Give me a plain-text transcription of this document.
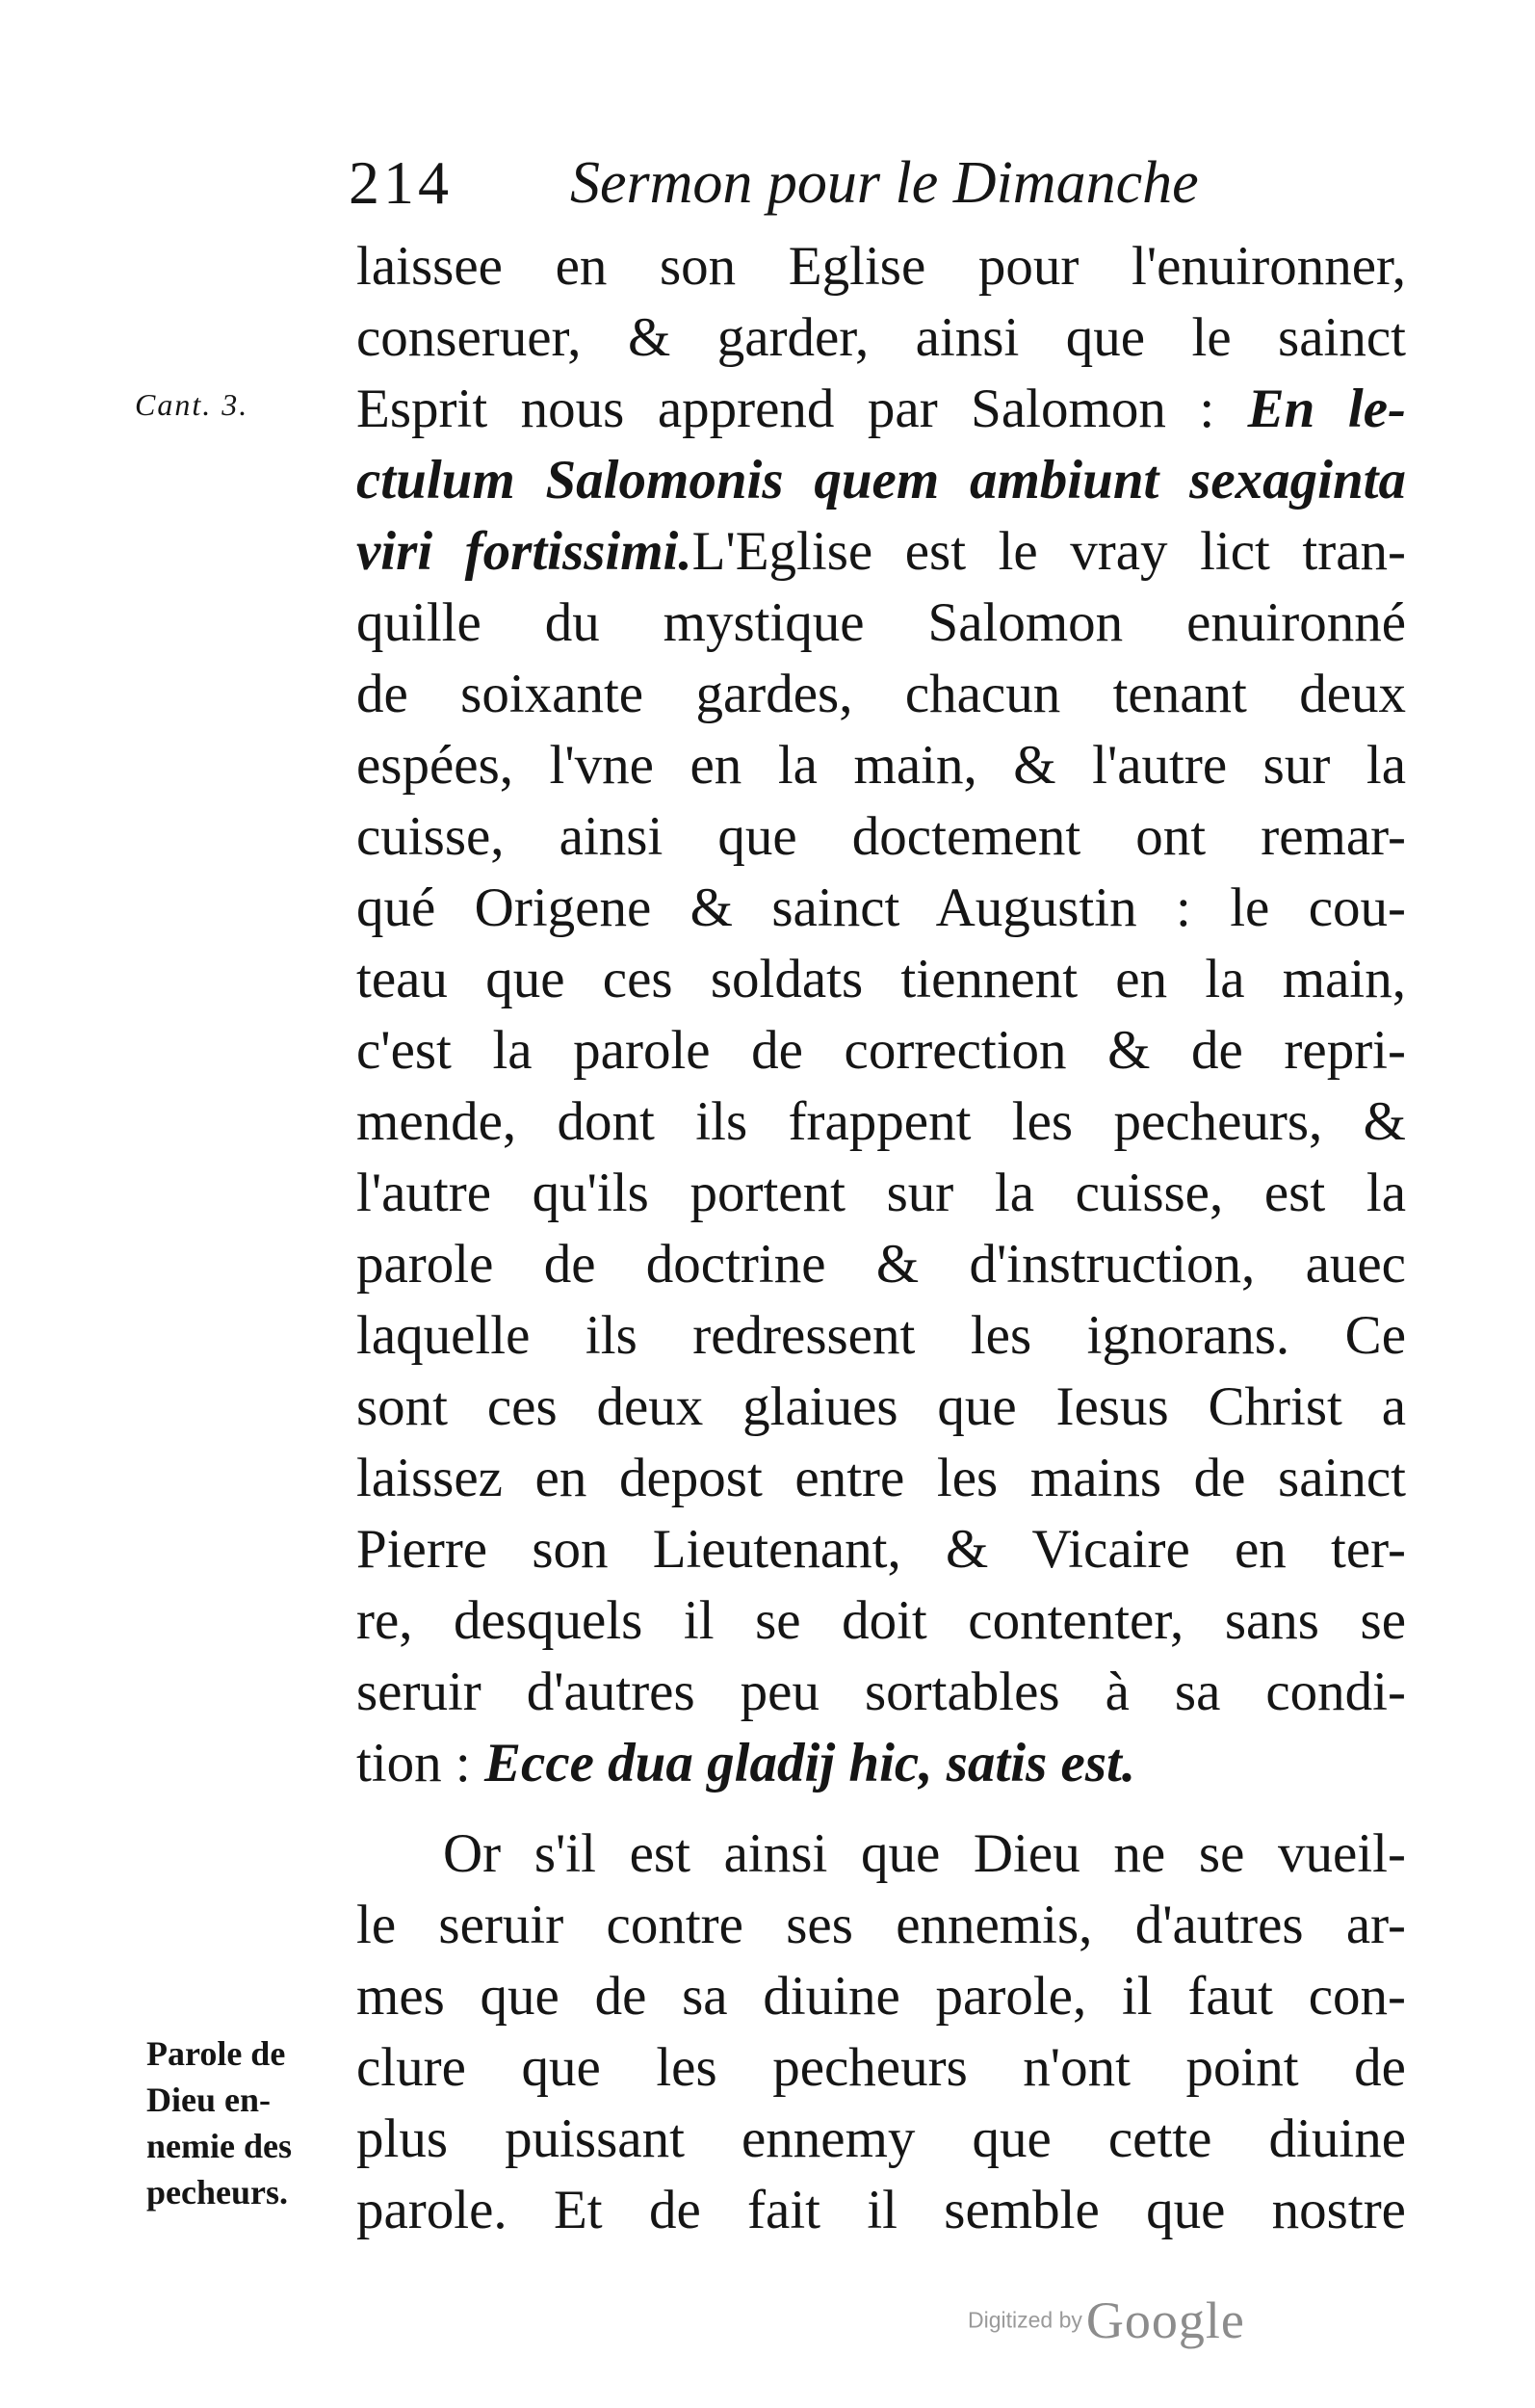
214 Sermon pour le Dimanche
Cant. 3.
Parole de
Dieu en-
nemie des
pecheurs.
laissee en son Eglise pour l'enuironner,
conseruer, & garder, ainsi que le sainct
Esprit nous apprend par Salomon : En le-
ctulum Salomonis quem ambiunt sexaginta
viri fortissimi.L'Eglise est le vray lict tran-
quille du mystique Salomon enuironné
de soixante gardes, chacun tenant deux
espées, l'vne en la main, & l'autre sur la
cuisse, ainsi que doctement ont remar-
qué Origene & sainct Augustin : le cou-
teau que ces soldats tiennent en la main,
c'est la parole de correction & de repri-
mende, dont ils frappent les pecheurs, &
l'autre qu'ils portent sur la cuisse, est la
parole de doctrine & d'instruction, auec
laquelle ils redressent les ignorans. Ce
sont ces deux glaiues que Iesus Christ a
laissez en depost entre les mains de sainct
Pierre son Lieutenant, & Vicaire en ter-
re, desquels il se doit contenter, sans se
seruir d'autres peu sortables à sa condi-
tion : Ecce dua gladij hic, satis est.
Or s'il est ainsi que Dieu ne se vueil-
le seruir contre ses ennemis, d'autres ar-
mes que de sa diuine parole, il faut con-
clure que les pecheurs n'ont point de
plus puissant ennemy que cette diuine
parole. Et de fait il semble que nostre
Digitized by Google
